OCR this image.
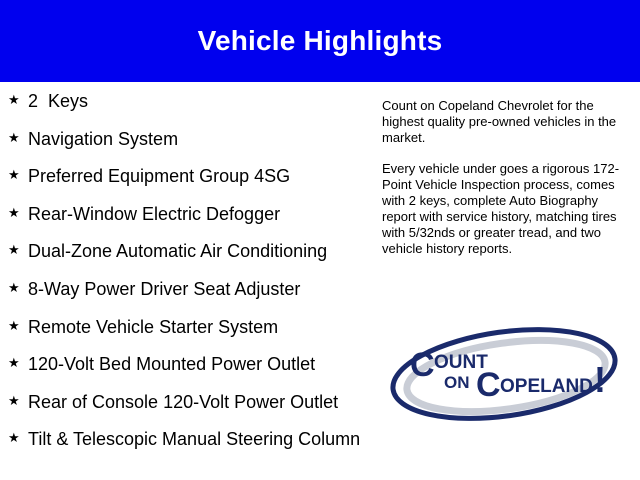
Vehicle Highlights
★ 2  Keys
★ Navigation System
★ Preferred Equipment Group 4SG
★ Rear-Window Electric Defogger
★ Dual-Zone Automatic Air Conditioning
★ 8-Way Power Driver Seat Adjuster
★ Remote Vehicle Starter System
★ 120-Volt Bed Mounted Power Outlet
★ Rear of Console 120-Volt Power Outlet
★ Tilt & Telescopic Manual Steering Column

Count on Copeland Chevrolet for the highest quality pre-owned vehicles in the market.

Every vehicle under goes a rigorous 172-Point Vehicle Inspection process, comes with 2 keys, complete Auto Biography report with service history, matching tires with 5/32nds or greater tread, and two vehicle history reports.

C OUNT
ON C OPELAND !
